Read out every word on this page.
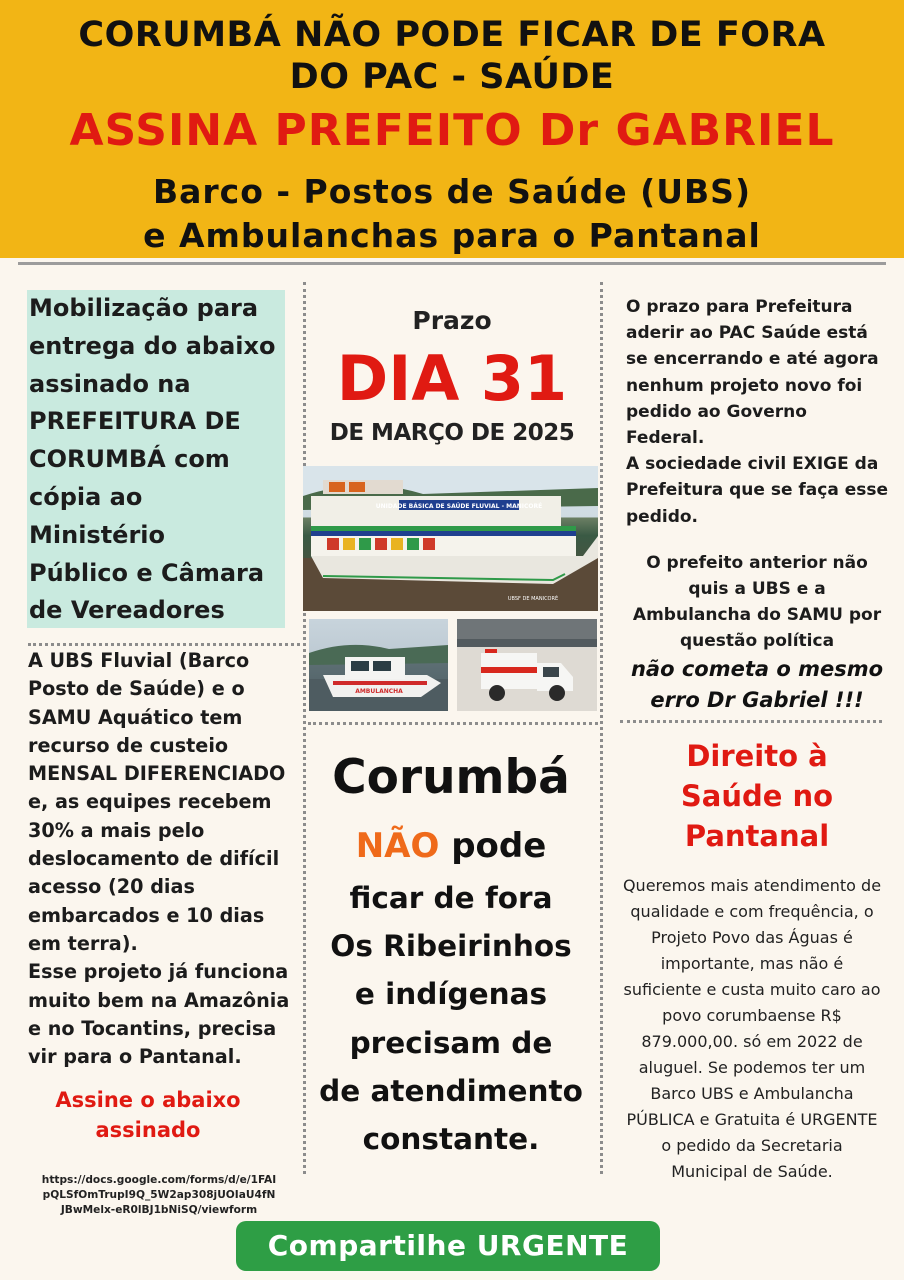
CORUMBÁ NÃO PODE FICAR DE FORA
DO PAC - SAÚDE
ASSINA PREFEITO Dr GABRIEL
Barco - Postos de Saúde (UBS)
e Ambulanchas para o Pantanal
Mobilização para
entrega do abaixo
assinado na
PREFEITURA DE
CORUMBÁ com
cópia ao
Ministério
Público e Câmara
de Vereadores
A UBS Fluvial (Barco
Posto de Saúde) e o
SAMU Aquático tem
recurso de custeio
MENSAL DIFERENCIADO
e, as equipes recebem
30% a mais pelo
deslocamento de difícil
acesso (20 dias
embarcados e 10 dias
em terra).
Esse projeto já funciona
muito bem na Amazônia
e no Tocantins, precisa
vir para o Pantanal.
Assine o abaixo
assinado
https://docs.google.com/forms/d/e/1FAI
pQLSfOmTrupI9Q_5W2ap308jUOIaU4fN
JBwMelx-eR0lBJ1bNiSQ/viewform
Prazo
DIA 31
DE MARÇO DE 2025
UNIDADE BÁSICA DE SAÚDE FLUVIAL - MANICORÉ
UBSF DE MANICORÉ
AMBULANCHA
Corumbá
NÃO pode
ficar de fora
Os Ribeirinhos
e indígenas
precisam de
de atendimento
constante.
O prazo para Prefeitura
aderir ao PAC Saúde está
se encerrando e até agora
nenhum projeto novo foi
pedido ao Governo
Federal.
A sociedade civil EXIGE da
Prefeitura que se faça esse
pedido.
O prefeito anterior não
quis a UBS e a
Ambulancha do SAMU por
questão política
não cometa o mesmo
erro Dr Gabriel !!!
Direito à
Saúde no
Pantanal
Queremos mais atendimento de
qualidade e com frequência, o
Projeto Povo das Águas é
importante, mas não é
suficiente e custa muito caro ao
povo corumbaense R$
879.000,00. só em 2022 de
aluguel. Se podemos ter um
Barco UBS e Ambulancha
PÚBLICA e Gratuita é URGENTE
o pedido da Secretaria
Municipal de Saúde.
Compartilhe URGENTE
